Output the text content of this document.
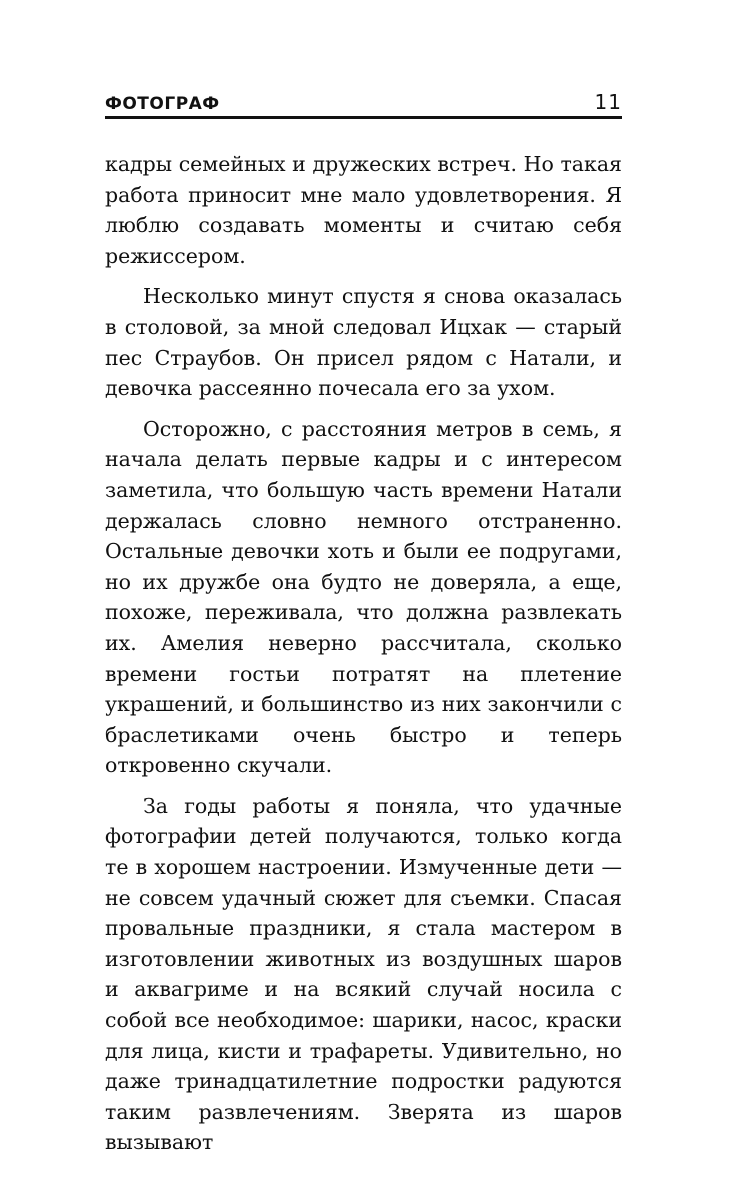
ФОТОГРАФ	11

кадры семейных и дружеских встреч. Но такая работа приносит мне мало удовлетворения. Я люблю создавать моменты и считаю себя режиссером.

Несколько минут спустя я снова оказалась в столовой, за мной следовал Ицхак — старый пес Страубов. Он присел рядом с Натали, и девочка рассеянно почесала его за ухом.

Осторожно, с расстояния метров в семь, я начала делать первые кадры и с интересом заметила, что большую часть времени Натали держалась словно немного отстраненно. Остальные девочки хоть и были ее подругами, но их дружбе она будто не доверяла, а еще, похоже, переживала, что должна развлекать их. Амелия неверно рассчитала, сколько времени гостьи потратят на плетение украшений, и большинство из них закончили с браслетиками очень быстро и теперь откровенно скучали.

За годы работы я поняла, что удачные фотографии детей получаются, только когда те в хорошем настроении. Измученные дети — не совсем удачный сюжет для съемки. Спасая провальные праздники, я стала мастером в изготовлении животных из воздушных шаров и аквагриме и на всякий случай носила с собой все необходимое: шарики, насос, краски для лица, кисти и трафареты. Удивительно, но даже тринадцатилетние подростки радуются таким развлечениям. Зверята из шаров вызывают
